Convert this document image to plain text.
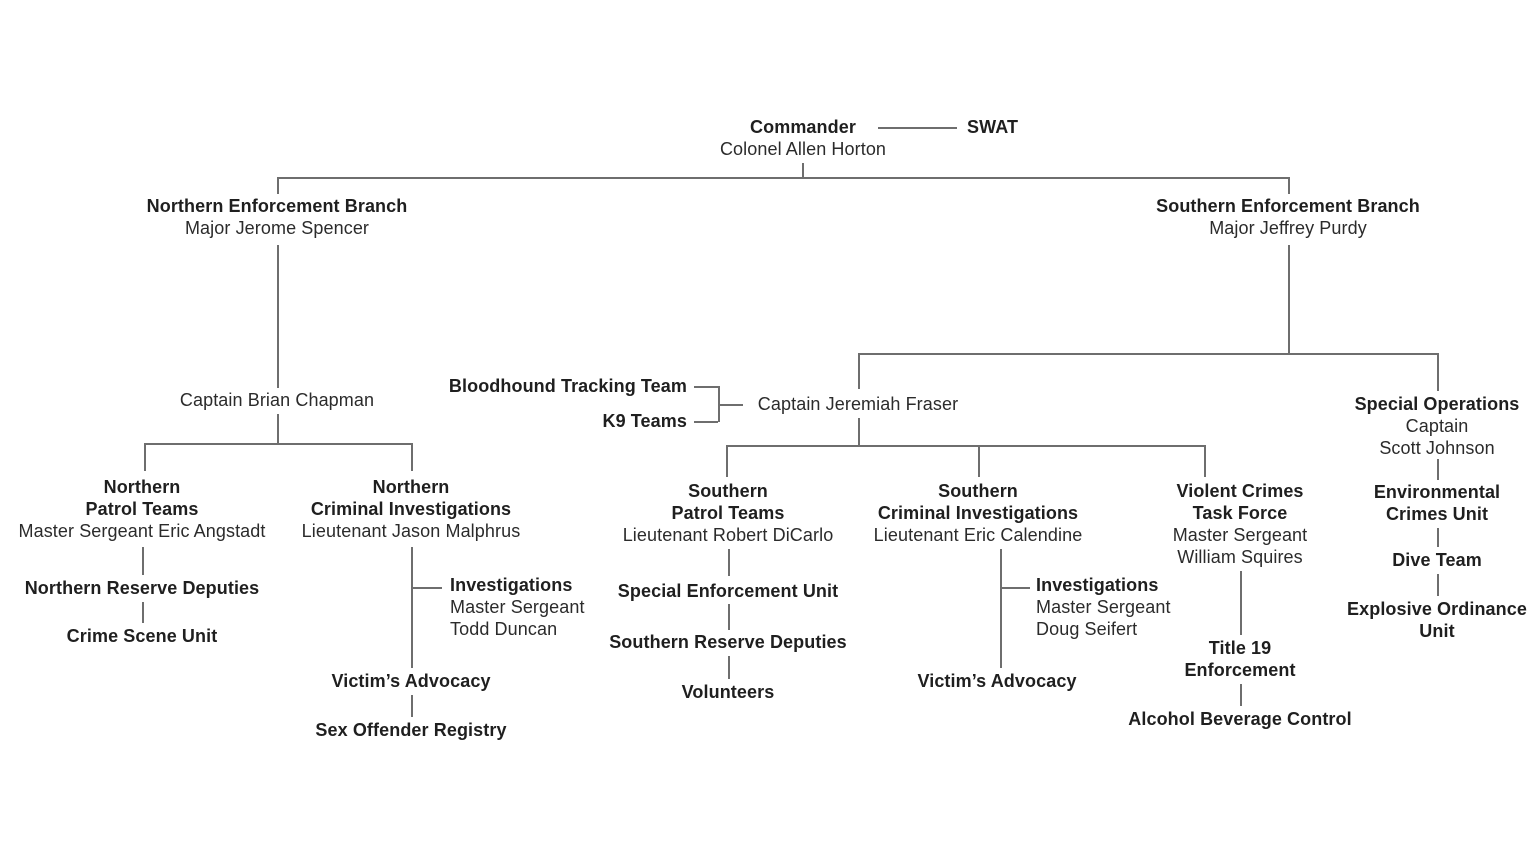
Commander
Colonel Allen Horton
SWAT
Northern Enforcement Branch
Major Jerome Spencer
Southern Enforcement Branch
Major Jeffrey Purdy
Captain Brian Chapman
Bloodhound Tracking Team
K9 Teams
Captain Jeremiah Fraser	Special Operations
Captain
Scott Johnson
Northern
Patrol Teams
Master Sergeant Eric Angstadt
Northern
Criminal Investigations
Lieutenant Jason Malphrus
Northern Reserve Deputies
Crime Scene Unit
Investigations
Master Sergeant
Todd Duncan
Victim’s Advocacy
Sex Offender Registry
Southern
Patrol Teams
Lieutenant Robert DiCarlo
Special Enforcement Unit
Southern Reserve Deputies
Volunteers
Southern
Criminal Investigations
Lieutenant Eric Calendine
Investigations
Master Sergeant
Doug Seifert
Victim’s Advocacy
Violent Crimes
Task Force
Master Sergeant
William Squires
Title 19
Enforcement
Alcohol Beverage Control
Environmental
Crimes Unit
Dive Team
Explosive Ordinance
Unit
